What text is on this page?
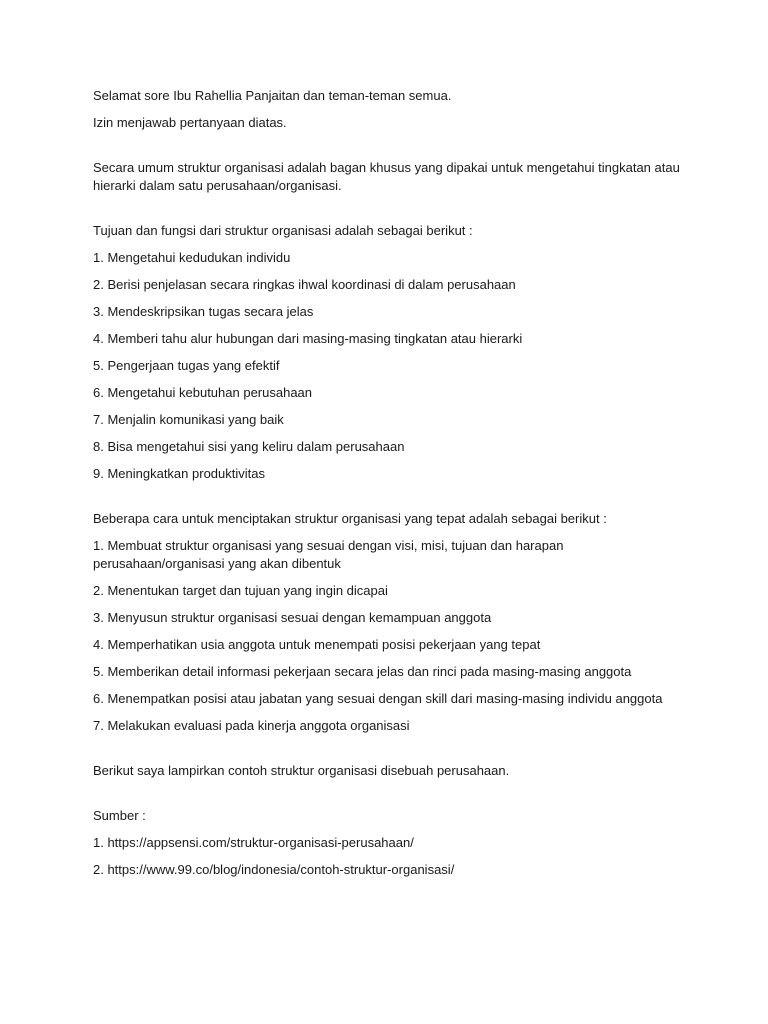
Selamat sore Ibu Rahellia Panjaitan dan teman-teman semua.

Izin menjawab pertanyaan diatas.

Secara umum struktur organisasi adalah bagan khusus yang dipakai untuk mengetahui tingkatan atau hierarki dalam satu perusahaan/organisasi.

Tujuan dan fungsi dari struktur organisasi adalah sebagai berikut :

1. Mengetahui kedudukan individu

2. Berisi penjelasan secara ringkas ihwal koordinasi di dalam perusahaan

3. Mendeskripsikan tugas secara jelas

4. Memberi tahu alur hubungan dari masing-masing tingkatan atau hierarki

5. Pengerjaan tugas yang efektif

6. Mengetahui kebutuhan perusahaan

7. Menjalin komunikasi yang baik

8. Bisa mengetahui sisi yang keliru dalam perusahaan

9. Meningkatkan produktivitas

Beberapa cara untuk menciptakan struktur organisasi yang tepat adalah sebagai berikut :

1. Membuat struktur organisasi yang sesuai dengan visi, misi, tujuan dan harapan perusahaan/organisasi yang akan dibentuk

2. Menentukan target dan tujuan yang ingin dicapai

3. Menyusun struktur organisasi sesuai dengan kemampuan anggota

4. Memperhatikan usia anggota untuk menempati posisi pekerjaan yang tepat

5. Memberikan detail informasi pekerjaan secara jelas dan rinci pada masing-masing anggota

6. Menempatkan posisi atau jabatan yang sesuai dengan skill dari masing-masing individu anggota

7. Melakukan evaluasi pada kinerja anggota organisasi

Berikut saya lampirkan contoh struktur organisasi disebuah perusahaan.

Sumber :

1. https://appsensi.com/struktur-organisasi-perusahaan/

2. https://www.99.co/blog/indonesia/contoh-struktur-organisasi/
